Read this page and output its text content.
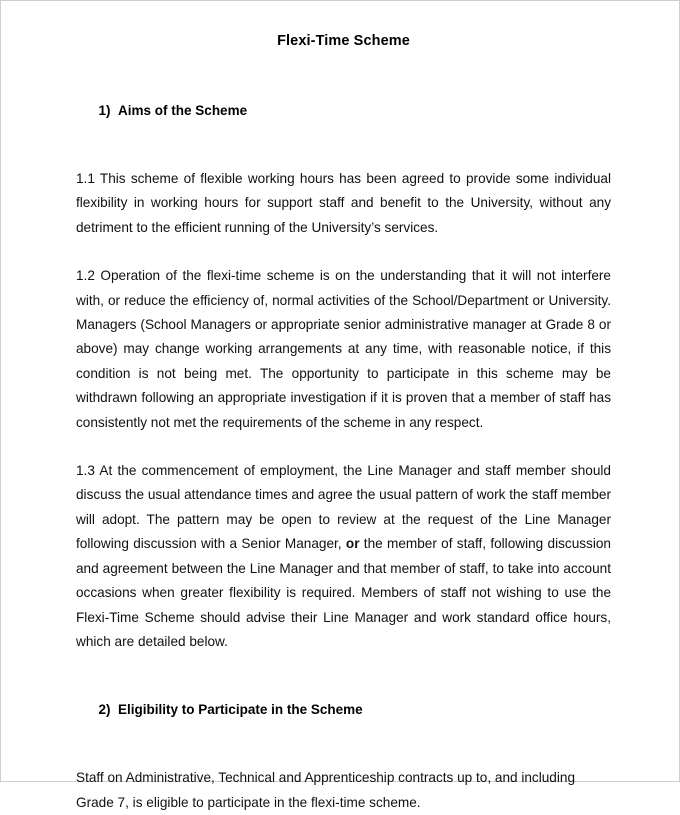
Flexi-Time Scheme

1) Aims of the Scheme

1.1 This scheme of flexible working hours has been agreed to provide some individual flexibility in working hours for support staff and benefit to the University, without any detriment to the efficient running of the University’s services.

1.2 Operation of the flexi-time scheme is on the understanding that it will not interfere with, or reduce the efficiency of, normal activities of the School/Department or University. Managers (School Managers or appropriate senior administrative manager at Grade 8 or above) may change working arrangements at any time, with reasonable notice, if this condition is not being met. The opportunity to participate in this scheme may be withdrawn following an appropriate investigation if it is proven that a member of staff has consistently not met the requirements of the scheme in any respect.

1.3 At the commencement of employment, the Line Manager and staff member should discuss the usual attendance times and agree the usual pattern of work the staff member will adopt. The pattern may be open to review at the request of the Line Manager following discussion with a Senior Manager, or the member of staff, following discussion and agreement between the Line Manager and that member of staff, to take into account occasions when greater flexibility is required. Members of staff not wishing to use the Flexi-Time Scheme should advise their Line Manager and work standard office hours, which are detailed below.

2) Eligibility to Participate in the Scheme

Staff on Administrative, Technical and Apprenticeship contracts up to, and including Grade 7, is eligible to participate in the flexi-time scheme.
